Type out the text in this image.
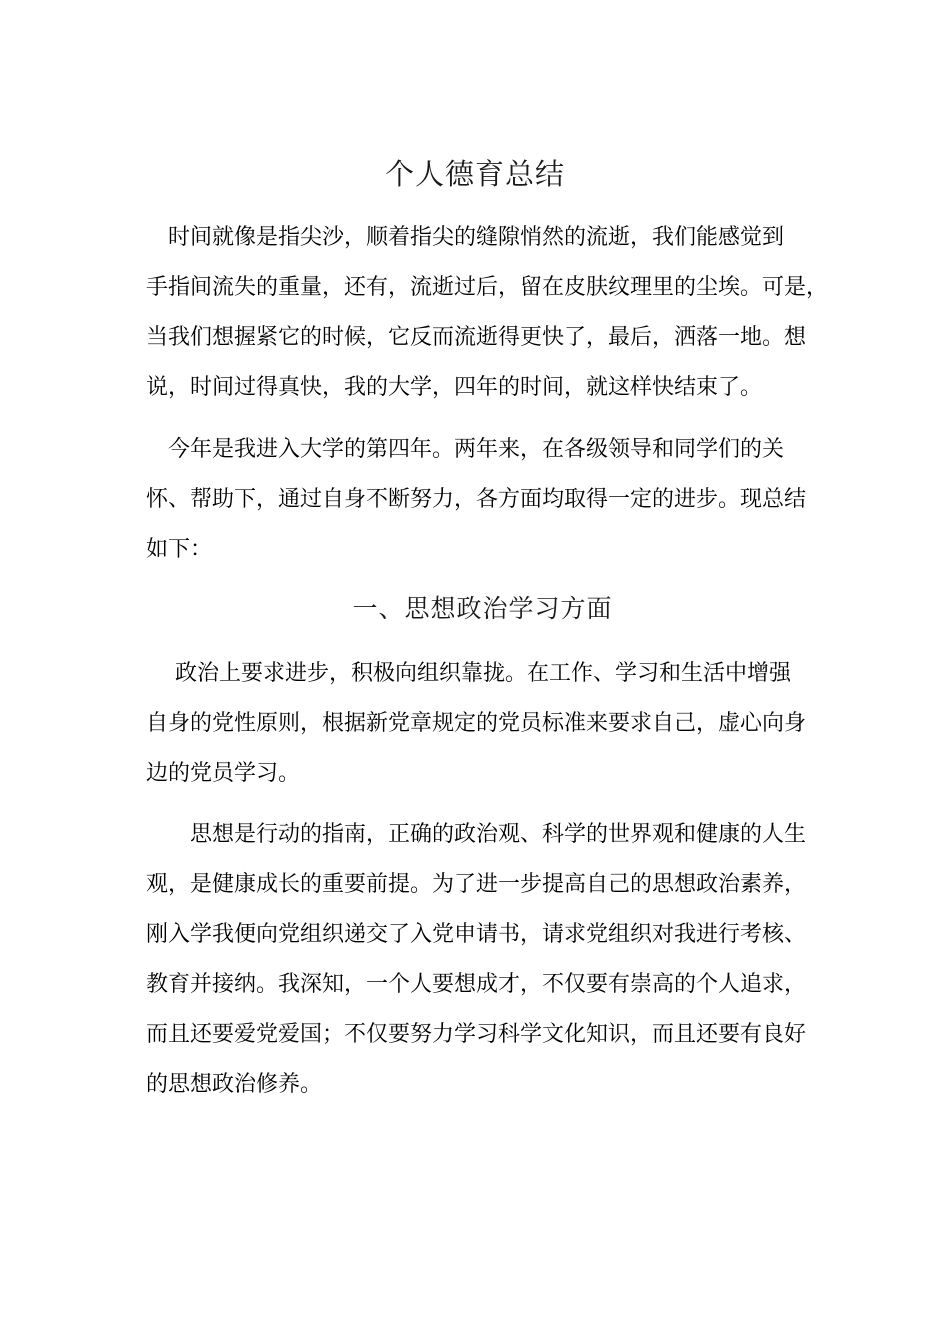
个人德育总结

　时间就像是指尖沙，顺着指尖的缝隙悄然的流逝，我们能感觉到
手指间流失的重量，还有，流逝过后，留在皮肤纹理里的尘埃。可是，
当我们想握紧它的时候，它反而流逝得更快了，最后，洒落一地。想
说，时间过得真快，我的大学，四年的时间，就这样快结束了。

　今年是我进入大学的第四年。两年来，在各级领导和同学们的关
怀、帮助下，通过自身不断努力，各方面均取得一定的进步。现总结
如下：

一、思想政治学习方面

　 政治上要求进步，积极向组织靠拢。在工作、学习和生活中增强
自身的党性原则，根据新党章规定的党员标准来要求自己，虚心向身
边的党员学习。

　　思想是行动的指南，正确的政治观、科学的世界观和健康的人生
观，是健康成长的重要前提。为了进一步提高自己的思想政治素养，
刚入学我便向党组织递交了入党申请书，请求党组织对我进行考核、
教育并接纳。我深知，一个人要想成才，不仅要有崇高的个人追求，
而且还要爱党爱国；不仅要努力学习科学文化知识，而且还要有良好
的思想政治修养。
